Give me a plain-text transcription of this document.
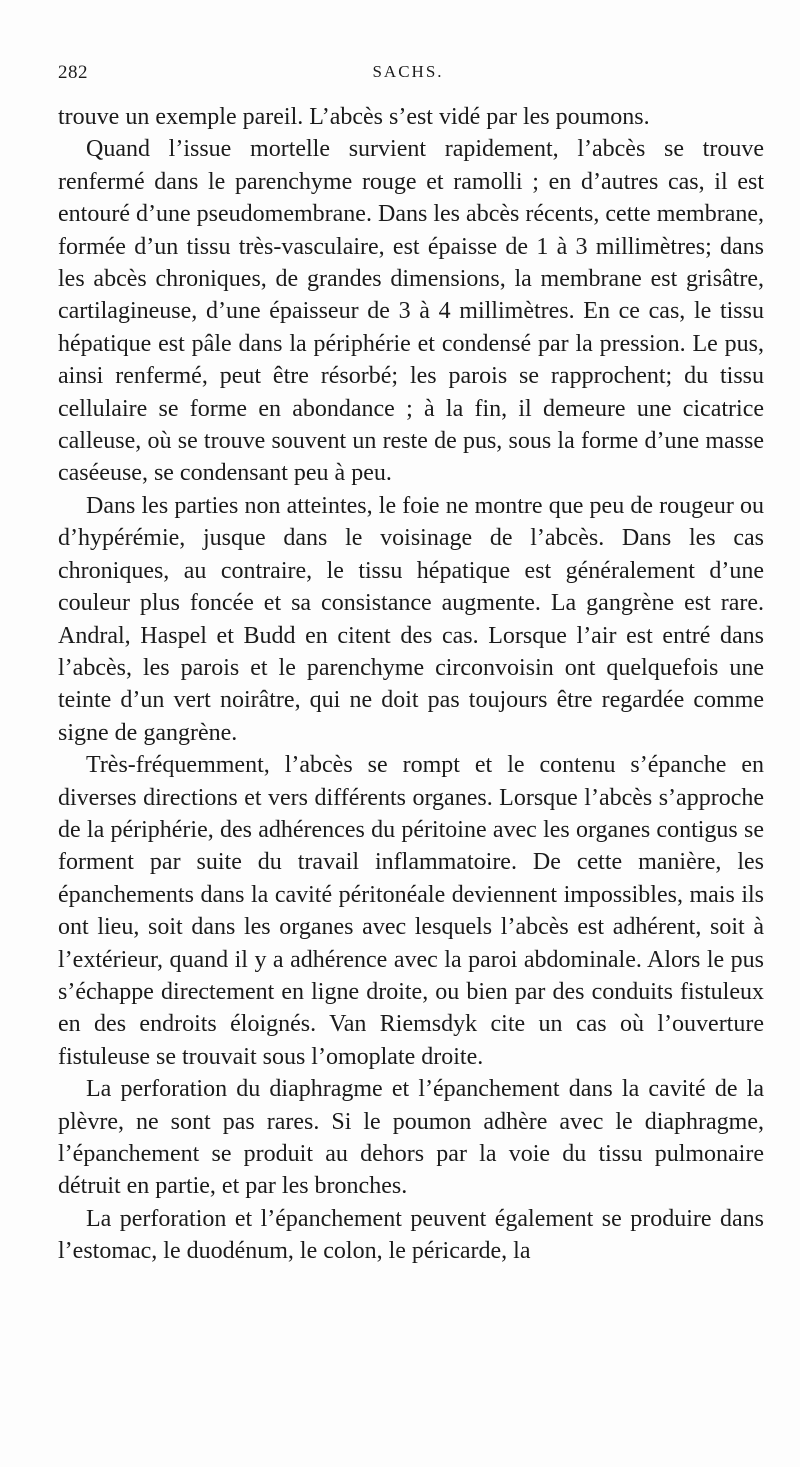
282	SACHS.

trouve un exemple pareil. L’abcès s’est vidé par les poumons.

Quand l’issue mortelle survient rapidement, l’abcès se trouve renfermé dans le parenchyme rouge et ramolli ; en d’autres cas, il est entouré d’une pseudomembrane. Dans les abcès récents, cette membrane, formée d’un tissu très-vasculaire, est épaisse de 1 à 3 millimètres; dans les abcès chroniques, de grandes dimensions, la membrane est grisâtre, cartilagineuse, d’une épaisseur de 3 à 4 millimètres. En ce cas, le tissu hépatique est pâle dans la périphérie et condensé par la pression. Le pus, ainsi renfermé, peut être résorbé; les parois se rapprochent; du tissu cellulaire se forme en abondance ; à la fin, il demeure une cicatrice calleuse, où se trouve souvent un reste de pus, sous la forme d’une masse caséeuse, se condensant peu à peu.

Dans les parties non atteintes, le foie ne montre que peu de rougeur ou d’hypérémie, jusque dans le voisinage de l’abcès. Dans les cas chroniques, au contraire, le tissu hépatique est généralement d’une couleur plus foncée et sa consistance augmente. La gangrène est rare. Andral, Haspel et Budd en citent des cas. Lorsque l’air est entré dans l’abcès, les parois et le parenchyme circonvoisin ont quelquefois une teinte d’un vert noirâtre, qui ne doit pas toujours être regardée comme signe de gangrène.

Très-fréquemment, l’abcès se rompt et le contenu s’épanche en diverses directions et vers différents organes. Lorsque l’abcès s’approche de la périphérie, des adhérences du péritoine avec les organes contigus se forment par suite du travail inflammatoire. De cette manière, les épanchements dans la cavité péritonéale deviennent impossibles, mais ils ont lieu, soit dans les organes avec lesquels l’abcès est adhérent, soit à l’extérieur, quand il y a adhérence avec la paroi abdominale. Alors le pus s’échappe directement en ligne droite, ou bien par des conduits fistuleux en des endroits éloignés. Van Riemsdyk cite un cas où l’ouverture fistuleuse se trouvait sous l’omoplate droite.

La perforation du diaphragme et l’épanchement dans la cavité de la plèvre, ne sont pas rares. Si le poumon adhère avec le diaphragme, l’épanchement se produit au dehors par la voie du tissu pulmonaire détruit en partie, et par les bronches.

La perforation et l’épanchement peuvent également se produire dans l’estomac, le duodénum, le colon, le péricarde, la
